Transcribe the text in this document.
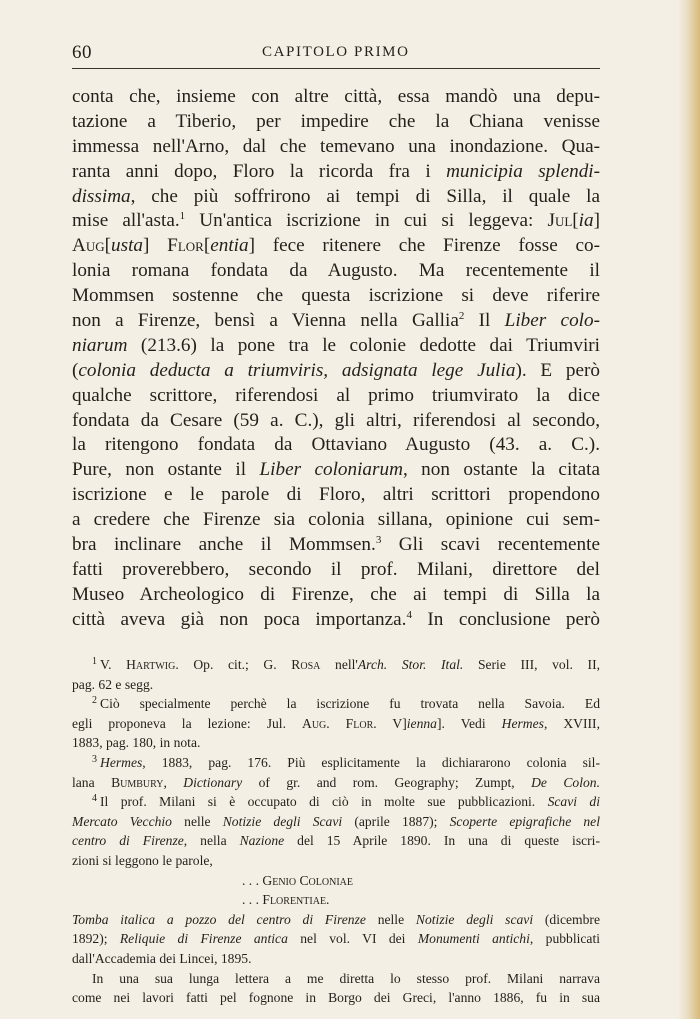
60	CAPITOLO PRIMO
conta che, insieme con altre città, essa mandò una depu-
tazione a Tiberio, per impedire che la Chiana venisse
immessa nell'Arno, dal che temevano una inondazione. Qua-
ranta anni dopo, Floro la ricorda fra i municipia splendi-
dissima, che più soffrirono ai tempi di Silla, il quale la
mise all'asta.$^1$ Un'antica iscrizione in cui si leggeva: Jul[ia]
Aug[usta] Flor[entia] fece ritenere che Firenze fosse co-
lonia romana fondata da Augusto. Ma recentemente il
Mommsen sostenne che questa iscrizione si deve riferire
non a Firenze, bensì a Vienna nella Gallia$^2$ Il Liber colo-
niarum (213.6) la pone tra le colonie dedotte dai Triumviri
(colonia deducta a triumviris, adsignata lege Julia). E però
qualche scrittore, riferendosi al primo triumvirato la dice
fondata da Cesare (59 a. C.), gli altri, riferendosi al secondo,
la ritengono fondata da Ottaviano Augusto (43. a. C.).
Pure, non ostante il Liber coloniarum, non ostante la citata
iscrizione e le parole di Floro, altri scrittori propendono
a credere che Firenze sia colonia sillana, opinione cui sem-
bra inclinare anche il Mommsen.$^3$ Gli scavi recentemente
fatti proverebbero, secondo il prof. Milani, direttore del
Museo Archeologico di Firenze, che ai tempi di Silla la
città aveva già non poca importanza.$^4$ In conclusione però
$^1$ V. Hartwig. Op. cit.; G. Rosa nell'Arch. Stor. Ital. Serie III, vol. II,
pag. 62 e segg.
$^2$ Ciò specialmente perchè la iscrizione fu trovata nella Savoia. Ed
egli proponeva la lezione: Jul. Aug. Flor. V]ienna]. Vedi Hermes, XVIII,
1883, pag. 180, in nota.
$^3$ Hermes, 1883, pag. 176. Più esplicitamente la dichiararono colonia sil-
lana Bumbury, Dictionary of gr. and rom. Geography; Zumpt, De Colon.
$^4$ Il prof. Milani si è occupato di ciò in molte sue pubblicazioni. Scavi di
Mercato Vecchio nelle Notizie degli Scavi (aprile 1887); Scoperte epigrafiche nel
centro di Firenze, nella Nazione del 15 Aprile 1890. In una di queste iscri-
zioni si leggono le parole,
. . . Genio Coloniae
. . . Florentiae.
Tomba italica a pozzo del centro di Firenze nelle Notizie degli scavi (dicembre
1892); Reliquie di Firenze antica nel vol. VI dei Monumenti antichi, pubblicati
dall'Accademia dei Lincei, 1895.
In una sua lunga lettera a me diretta lo stesso prof. Milani narrava
come nei lavori fatti pel fognone in Borgo dei Greci, l'anno 1886, fu in sua
